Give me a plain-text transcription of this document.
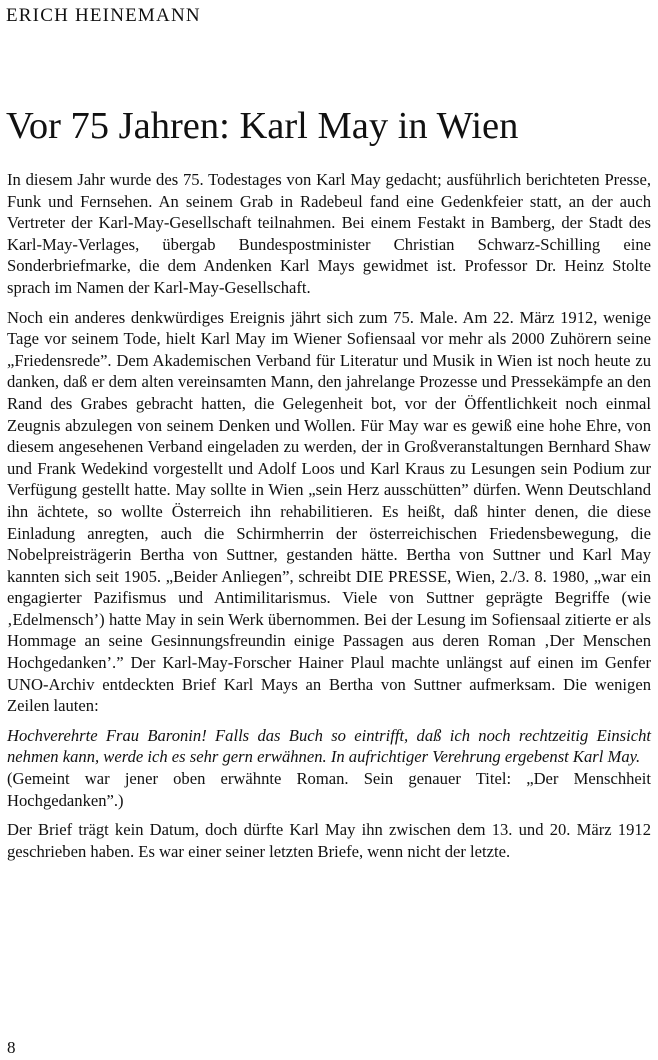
ERICH HEINEMANN
Vor 75 Jahren: Karl May in Wien

In diesem Jahr wurde des 75. Todestages von Karl May gedacht; ausführlich berichteten Presse, Funk und Fernsehen. An seinem Grab in Radebeul fand eine Gedenkfeier statt, an der auch Vertreter der Karl-May-Gesellschaft teilnahmen. Bei einem Festakt in Bamberg, der Stadt des Karl-May-Verlages, übergab Bundespostminister Christian Schwarz-Schilling eine Sonderbriefmarke, die dem Andenken Karl Mays gewidmet ist. Professor Dr. Heinz Stolte sprach im Namen der Karl-May-Gesellschaft.

Noch ein anderes denkwürdiges Ereignis jährt sich zum 75. Male. Am 22. März 1912, wenige Tage vor seinem Tode, hielt Karl May im Wiener Sofiensaal vor mehr als 2000 Zuhörern seine „Friedensrede”. Dem Akademischen Verband für Literatur und Musik in Wien ist noch heute zu danken, daß er dem alten vereinsamten Mann, den jahrelange Prozesse und Pressekämpfe an den Rand des Grabes gebracht hatten, die Gelegenheit bot, vor der Öffentlichkeit noch einmal Zeugnis abzulegen von seinem Denken und Wollen. Für May war es gewiß eine hohe Ehre, von diesem angesehenen Verband eingeladen zu werden, der in Großveranstaltungen Bernhard Shaw und Frank Wedekind vorgestellt und Adolf Loos und Karl Kraus zu Lesungen sein Podium zur Verfügung gestellt hatte. May sollte in Wien „sein Herz ausschütten” dürfen. Wenn Deutschland ihn ächtete, so wollte Österreich ihn rehabilitieren. Es heißt, daß hinter denen, die diese Einladung anregten, auch die Schirmherrin der österreichischen Friedensbewegung, die Nobelpreisträgerin Bertha von Suttner, gestanden hätte. Bertha von Suttner und Karl May kannten sich seit 1905. „Beider Anliegen”, schreibt DIE PRESSE, Wien, 2./3. 8. 1980, „war ein engagierter Pazifismus und Antimilitarismus. Viele von Suttner geprägte Begriffe (wie ‚Edelmensch’) hatte May in sein Werk übernommen. Bei der Lesung im Sofiensaal zitierte er als Hommage an seine Gesinnungsfreundin einige Passagen aus deren Roman ‚Der Menschen Hochgedanken’.” Der Karl-May-Forscher Hainer Plaul machte unlängst auf einen im Genfer UNO-Archiv entdeckten Brief Karl Mays an Bertha von Suttner aufmerksam. Die wenigen Zeilen lauten:

Hochverehrte Frau Baronin! Falls das Buch so eintrifft, daß ich noch rechtzeitig Einsicht nehmen kann, werde ich es sehr gern erwähnen. In aufrichtiger Verehrung ergebenst Karl May.

(Gemeint war jener oben erwähnte Roman. Sein genauer Titel: „Der Menschheit Hochgedanken”.)

Der Brief trägt kein Datum, doch dürfte Karl May ihn zwischen dem 13. und 20. März 1912 geschrieben haben. Es war einer seiner letzten Briefe, wenn nicht der letzte.

8
